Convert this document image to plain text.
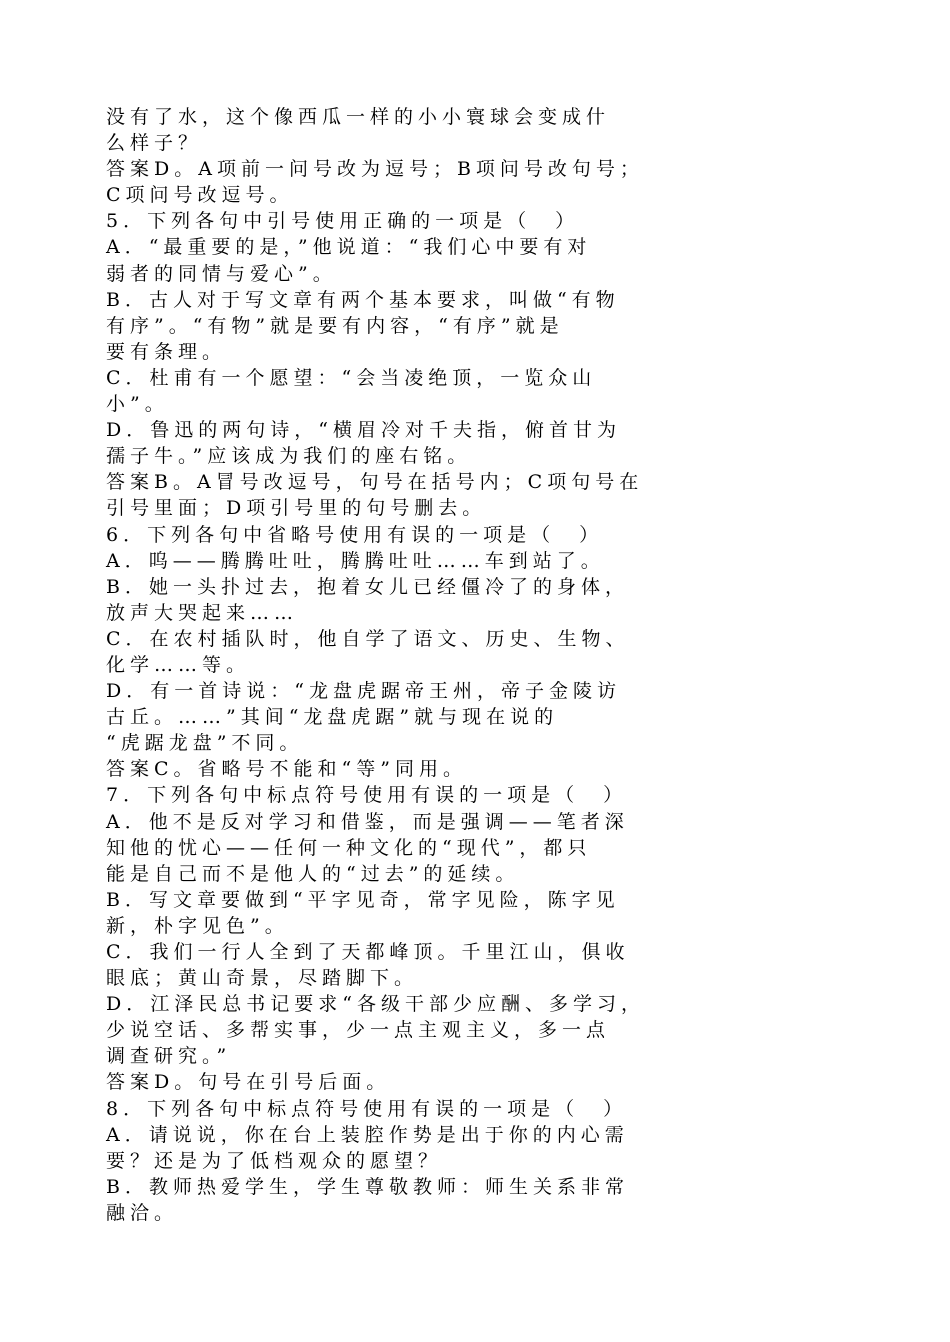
没有了水，这个像西瓜一样的小小寰球会变成什
么样子？
答案D。A项前一问号改为逗号；B项问号改句号；
C项问号改逗号。
5．下列各句中引号使用正确的一项是（　）
A．“最重要的是，”他说道：“我们心中要有对
弱者的同情与爱心”。
B．古人对于写文章有两个基本要求，叫做“有物
有序”。“有物”就是要有内容，“有序”就是
要有条理。
C．杜甫有一个愿望：“会当凌绝顶，一览众山
小”。
D．鲁迅的两句诗，“横眉冷对千夫指，俯首甘为
孺子牛。”应该成为我们的座右铭。
答案B。A冒号改逗号，句号在括号内；C项句号在
引号里面；D项引号里的句号删去。
6．下列各句中省略号使用有误的一项是（　）
A．呜——腾腾吐吐，腾腾吐吐……车到站了。
B．她一头扑过去，抱着女儿已经僵冷了的身体，
放声大哭起来……
C．在农村插队时，他自学了语文、历史、生物、
化学……等。
D．有一首诗说：“龙盘虎踞帝王州，帝子金陵访
古丘。……”其间“龙盘虎踞”就与现在说的
“虎踞龙盘”不同。
答案C。省略号不能和“等”同用。
7．下列各句中标点符号使用有误的一项是（　）
A．他不是反对学习和借鉴，而是强调——笔者深
知他的忧心——任何一种文化的“现代”，都只
能是自己而不是他人的“过去”的延续。
B．写文章要做到“平字见奇，常字见险，陈字见
新，朴字见色”。
C．我们一行人全到了天都峰顶。千里江山，俱收
眼底；黄山奇景，尽踏脚下。
D．江泽民总书记要求“各级干部少应酬、多学习，
少说空话、多帮实事，少一点主观主义，多一点
调查研究。”
答案D。句号在引号后面。
8．下列各句中标点符号使用有误的一项是（　）
A．请说说，你在台上装腔作势是出于你的内心需
要？还是为了低档观众的愿望？
B．教师热爱学生，学生尊敬教师：师生关系非常
融洽。
